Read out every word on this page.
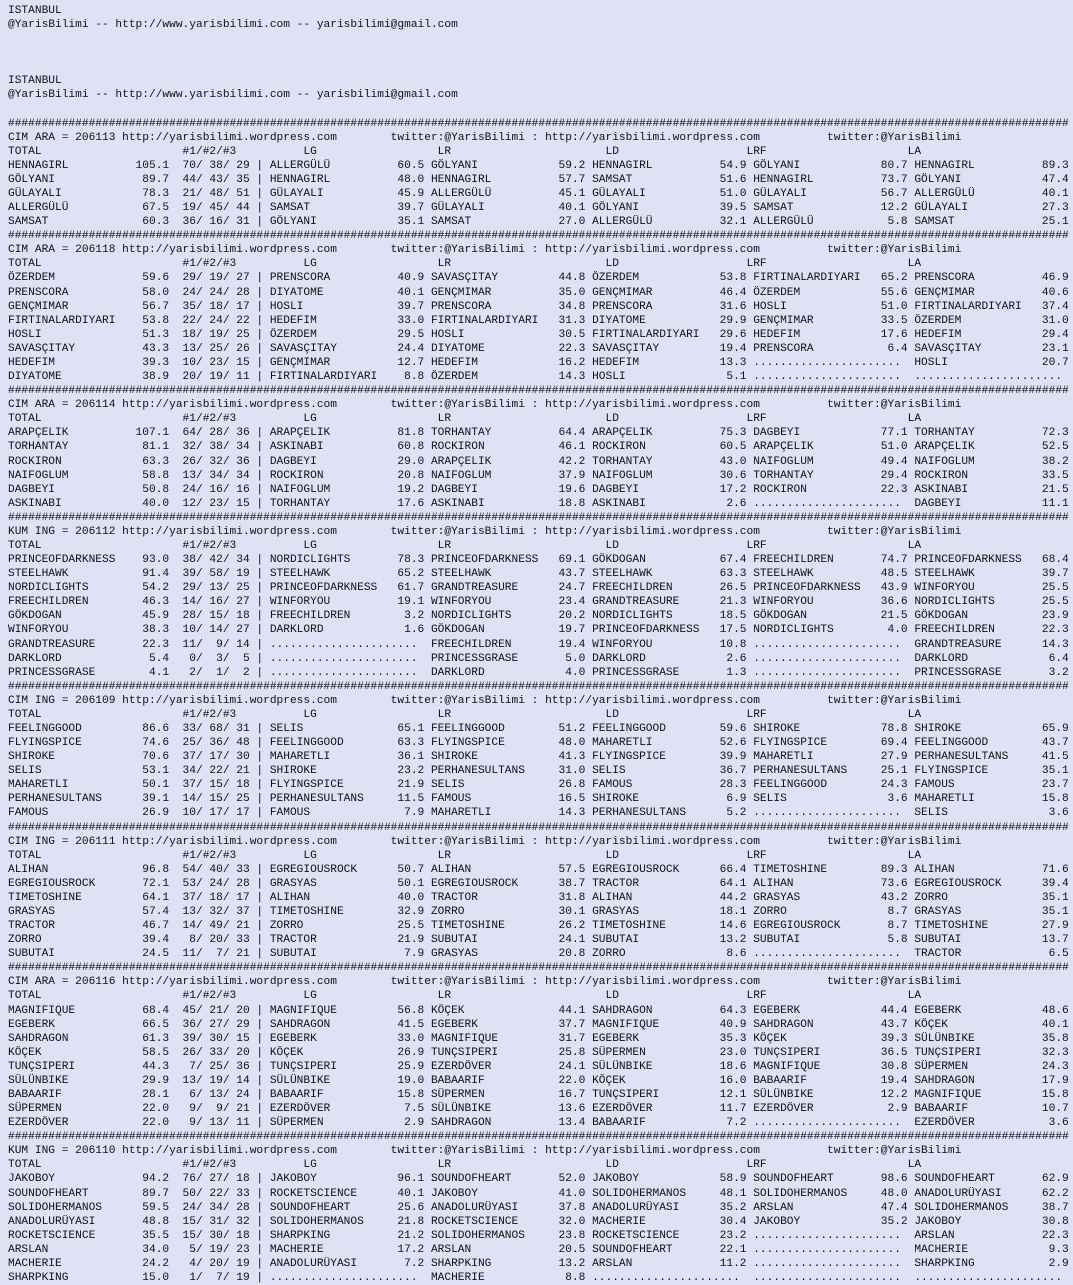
ISTANBUL
@YarisBilimi -- http://www.yarisbilimi.com -- yarisbilimi@gmail.com
ISTANBUL
@YarisBilimi -- http://www.yarisbilimi.com -- yarisbilimi@gmail.com
##############################################################################################################################################################
CIM ARA = 206113 http://yarisbilimi.wordpress.com        twitter:@YarisBilimi : http://yarisbilimi.wordpress.com          twitter:@YarisBilimi
TOTAL                     #1/#2/#3          LG                  LR                       LD                   LRF                     LA
HENNAGIRL          105.1  70/ 38/ 29 | ALLERGÜLÜ          60.5 GÖLYANI            59.2 HENNAGIRL          54.9 GÖLYANI            80.7 HENNAGIRL          89.3
GÖLYANI             89.7  44/ 43/ 35 | HENNAGIRL          48.0 HENNAGIRL          57.7 SAMSAT             51.6 HENNAGIRL          73.7 GÖLYANI            47.4
GÜLAYALI            78.3  21/ 48/ 51 | GÜLAYALI           45.9 ALLERGÜLÜ          45.1 GÜLAYALI           51.0 GÜLAYALI           56.7 ALLERGÜLÜ          40.1
ALLERGÜLÜ           67.5  19/ 45/ 44 | SAMSAT             39.7 GÜLAYALI           40.1 GÖLYANI            39.5 SAMSAT             12.2 GÜLAYALI           27.3
SAMSAT              60.3  36/ 16/ 31 | GÖLYANI            35.1 SAMSAT             27.0 ALLERGÜLÜ          32.1 ALLERGÜLÜ           5.8 SAMSAT             25.1
##############################################################################################################################################################
CIM ARA = 206118 http://yarisbilimi.wordpress.com        twitter:@YarisBilimi : http://yarisbilimi.wordpress.com          twitter:@YarisBilimi
TOTAL                     #1/#2/#3          LG                  LR                       LD                   LRF                     LA
ÖZERDEM             59.6  29/ 19/ 27 | PRENSCORA          40.9 SAVASÇITAY         44.8 ÖZERDEM            53.8 FIRTINALARDIYARI   65.2 PRENSCORA          46.9
PRENSCORA           58.0  24/ 24/ 28 | DIYATOME           40.1 GENÇMIMAR          35.0 GENÇMIMAR          46.4 ÖZERDEM            55.6 GENÇMIMAR          40.6
GENÇMIMAR           56.7  35/ 18/ 17 | HOSLI              39.7 PRENSCORA          34.8 PRENSCORA          31.6 HOSLI              51.0 FIRTINALARDIYARI   37.4
FIRTINALARDIYARI    53.8  22/ 24/ 22 | HEDEFIM            33.0 FIRTINALARDIYARI   31.3 DIYATOME           29.9 GENÇMIMAR          33.5 ÖZERDEM            31.0
HOSLI               51.3  18/ 19/ 25 | ÖZERDEM            29.5 HOSLI              30.5 FIRTINALARDIYARI   29.6 HEDEFIM            17.6 HEDEFIM            29.4
SAVASÇITAY          43.3  13/ 25/ 26 | SAVASÇITAY         24.4 DIYATOME           22.3 SAVASÇITAY         19.4 PRENSCORA           6.4 SAVASÇITAY         23.1
HEDEFIM             39.3  10/ 23/ 15 | GENÇMIMAR          12.7 HEDEFIM            16.2 HEDEFIM            13.3 ......................  HOSLI              20.7
DIYATOME            38.9  20/ 19/ 11 | FIRTINALARDIYARI    8.8 ÖZERDEM            14.3 HOSLI               5.1 ......................  ......................
##############################################################################################################################################################
CIM ARA = 206114 http://yarisbilimi.wordpress.com        twitter:@YarisBilimi : http://yarisbilimi.wordpress.com          twitter:@YarisBilimi
TOTAL                     #1/#2/#3          LG                  LR                       LD                   LRF                     LA
ARAPÇELIK          107.1  64/ 28/ 36 | ARAPÇELIK          81.8 TORHANTAY          64.4 ARAPÇELIK          75.3 DAGBEYI            77.1 TORHANTAY          72.3
TORHANTAY           81.1  32/ 38/ 34 | ASKINABI           60.8 ROCKIRON           46.1 ROCKIRON           60.5 ARAPÇELIK          51.0 ARAPÇELIK          52.5
ROCKIRON            63.3  26/ 32/ 36 | DAGBEYI            29.0 ARAPÇELIK          42.2 TORHANTAY          43.0 NAIFOGLUM          49.4 NAIFOGLUM          38.2
NAIFOGLUM           58.8  13/ 34/ 34 | ROCKIRON           20.8 NAIFOGLUM          37.9 NAIFOGLUM          30.6 TORHANTAY          29.4 ROCKIRON           33.5
DAGBEYI             50.8  24/ 16/ 16 | NAIFOGLUM          19.2 DAGBEYI            19.6 DAGBEYI            17.2 ROCKIRON           22.3 ASKINABI           21.5
ASKINABI            40.0  12/ 23/ 15 | TORHANTAY          17.6 ASKINABI           18.8 ASKINABI            2.6 ......................  DAGBEYI            11.1
##############################################################################################################################################################
KUM ING = 206112 http://yarisbilimi.wordpress.com        twitter:@YarisBilimi : http://yarisbilimi.wordpress.com          twitter:@YarisBilimi
TOTAL                     #1/#2/#3          LG                  LR                       LD                   LRF                     LA
PRINCEOFDARKNESS    93.0  38/ 42/ 34 | NORDICLIGHTS       78.3 PRINCEOFDARKNESS   69.1 GÖKDOGAN           67.4 FREECHILDREN       74.7 PRINCEOFDARKNESS   68.4
STEELHAWK           91.4  39/ 58/ 19 | STEELHAWK          65.2 STEELHAWK          43.7 STEELHAWK          63.3 STEELHAWK          48.5 STEELHAWK          39.7
NORDICLIGHTS        54.2  29/ 13/ 25 | PRINCEOFDARKNESS   61.7 GRANDTREASURE      24.7 FREECHILDREN       26.5 PRINCEOFDARKNESS   43.9 WINFORYOU          25.5
FREECHILDREN        46.3  14/ 16/ 27 | WINFORYOU          19.1 WINFORYOU          23.4 GRANDTREASURE      21.3 WINFORYOU          36.6 NORDICLIGHTS       25.5
GÖKDOGAN            45.9  28/ 15/ 18 | FREECHILDREN        3.2 NORDICLIGHTS       20.2 NORDICLIGHTS       18.5 GÖKDOGAN           21.5 GÖKDOGAN           23.9
WINFORYOU           38.3  10/ 14/ 27 | DARKLORD            1.6 GÖKDOGAN           19.7 PRINCEOFDARKNESS   17.5 NORDICLIGHTS        4.0 FREECHILDREN       22.3
GRANDTREASURE       22.3  11/  9/ 14 | ......................  FREECHILDREN       19.4 WINFORYOU          10.8 ......................  GRANDTREASURE      14.3
DARKLORD             5.4   0/  3/  5 | ......................  PRINCESSGRASE       5.0 DARKLORD            2.6 ......................  DARKLORD            6.4
PRINCESSGRASE        4.1   2/  1/  2 | ......................  DARKLORD            4.0 PRINCESSGRASE       1.3 ......................  PRINCESSGRASE       3.2
##############################################################################################################################################################
CIM ING = 206109 http://yarisbilimi.wordpress.com        twitter:@YarisBilimi : http://yarisbilimi.wordpress.com          twitter:@YarisBilimi
TOTAL                     #1/#2/#3          LG                  LR                       LD                   LRF                     LA
FEELINGGOOD         86.6  33/ 68/ 31 | SELIS              65.1 FEELINGGOOD        51.2 FEELINGGOOD        59.6 SHIROKE            78.8 SHIROKE            65.9
FLYINGSPICE         74.6  25/ 36/ 48 | FEELINGGOOD        63.3 FLYINGSPICE        48.0 MAHARETLI          52.6 FLYINGSPICE        69.4 FEELINGGOOD        43.7
SHIROKE             70.6  37/ 17/ 30 | MAHARETLI          36.1 SHIROKE            41.3 FLYINGSPICE        39.9 MAHARETLI          27.9 PERHANESULTANS     41.5
SELIS               53.1  34/ 22/ 21 | SHIROKE            23.2 PERHANESULTANS     31.0 SELIS              36.7 PERHANESULTANS     25.1 FLYINGSPICE        35.1
MAHARETLI           50.1  37/ 15/ 18 | FLYINGSPICE        21.9 SELIS              26.8 FAMOUS             28.3 FEELINGGOOD        24.3 FAMOUS             23.7
PERHANESULTANS      39.1  14/ 15/ 25 | PERHANESULTANS     11.5 FAMOUS             16.5 SHIROKE             6.9 SELIS               3.6 MAHARETLI          15.8
FAMOUS              26.9  10/ 17/ 17 | FAMOUS              7.9 MAHARETLI          14.3 PERHANESULTANS      5.2 ......................  SELIS               3.6
##############################################################################################################################################################
CIM ING = 206111 http://yarisbilimi.wordpress.com        twitter:@YarisBilimi : http://yarisbilimi.wordpress.com          twitter:@YarisBilimi
TOTAL                     #1/#2/#3          LG                  LR                       LD                   LRF                     LA
ALIHAN              96.8  54/ 40/ 33 | EGREGIOUSROCK      50.7 ALIHAN             57.5 EGREGIOUSROCK      66.4 TIMETOSHINE        89.3 ALIHAN             71.6
EGREGIOUSROCK       72.1  53/ 24/ 28 | GRASYAS            50.1 EGREGIOUSROCK      38.7 TRACTOR            64.1 ALIHAN             73.6 EGREGIOUSROCK      39.4
TIMETOSHINE         64.1  37/ 18/ 17 | ALIHAN             40.0 TRACTOR            31.8 ALIHAN             44.2 GRASYAS            43.2 ZORRO              35.1
GRASYAS             57.4  13/ 32/ 37 | TIMETOSHINE        32.9 ZORRO              30.1 GRASYAS            18.1 ZORRO               8.7 GRASYAS            35.1
TRACTOR             46.7  14/ 49/ 21 | ZORRO              25.5 TIMETOSHINE        26.2 TIMETOSHINE        14.6 EGREGIOUSROCK       8.7 TIMETOSHINE        27.9
ZORRO               39.4   8/ 20/ 33 | TRACTOR            21.9 SUBUTAI            24.1 SUBUTAI            13.2 SUBUTAI             5.8 SUBUTAI            13.7
SUBUTAI             24.5  11/  7/ 21 | SUBUTAI             7.9 GRASYAS            20.8 ZORRO               8.6 ......................  TRACTOR             6.5
##############################################################################################################################################################
CIM ARA = 206116 http://yarisbilimi.wordpress.com        twitter:@YarisBilimi : http://yarisbilimi.wordpress.com          twitter:@YarisBilimi
TOTAL                     #1/#2/#3          LG                  LR                       LD                   LRF                     LA
MAGNIFIQUE          68.4  45/ 21/ 20 | MAGNIFIQUE         56.8 KÖÇEK              44.1 SAHDRAGON          64.3 EGEBERK            44.4 EGEBERK            48.6
EGEBERK             66.5  36/ 27/ 29 | SAHDRAGON          41.5 EGEBERK            37.7 MAGNIFIQUE         40.9 SAHDRAGON          43.7 KÖÇEK              40.1
SAHDRAGON           61.3  39/ 30/ 15 | EGEBERK            33.0 MAGNIFIQUE         31.7 EGEBERK            35.3 KÖÇEK              39.3 SÜLÜNBIKE          35.8
KÖÇEK               58.5  26/ 33/ 20 | KÖÇEK              26.9 TUNÇSIPERI         25.8 SÜPERMEN           23.0 TUNÇSIPERI         36.5 TUNÇSIPERI         32.3
TUNÇSIPERI          44.3   7/ 25/ 36 | TUNÇSIPERI         25.9 EZERDÖVER          24.1 SÜLÜNBIKE          18.6 MAGNIFIQUE         30.8 SÜPERMEN           24.3
SÜLÜNBIKE           29.9  13/ 19/ 14 | SÜLÜNBIKE          19.0 BABAARIF           22.0 KÖÇEK              16.0 BABAARIF           19.4 SAHDRAGON          17.9
BABAARIF            28.1   6/ 13/ 24 | BABAARIF           15.8 SÜPERMEN           16.7 TUNÇSIPERI         12.1 SÜLÜNBIKE          12.2 MAGNIFIQUE         15.8
SÜPERMEN            22.0   9/  9/ 21 | EZERDÖVER           7.5 SÜLÜNBIKE          13.6 EZERDÖVER          11.7 EZERDÖVER           2.9 BABAARIF           10.7
EZERDÖVER           22.0   9/ 13/ 11 | SÜPERMEN            2.9 SAHDRAGON          13.4 BABAARIF            7.2 ......................  EZERDÖVER           3.6
##############################################################################################################################################################
KUM ING = 206110 http://yarisbilimi.wordpress.com        twitter:@YarisBilimi : http://yarisbilimi.wordpress.com          twitter:@YarisBilimi
TOTAL                     #1/#2/#3          LG                  LR                       LD                   LRF                     LA
JAKOBOY             94.2  76/ 27/ 18 | JAKOBOY            96.1 SOUNDOFHEART       52.0 JAKOBOY            58.9 SOUNDOFHEART       98.6 SOUNDOFHEART       62.9
SOUNDOFHEART        89.7  50/ 22/ 33 | ROCKETSCIENCE      40.1 JAKOBOY            41.0 SOLIDOHERMANOS     48.1 SOLIDOHERMANOS     48.0 ANADOLURÜYASI      62.2
SOLIDOHERMANOS      59.5  24/ 34/ 28 | SOUNDOFHEART       25.6 ANADOLURÜYASI      37.8 ANADOLURÜYASI      35.2 ARSLAN             47.4 SOLIDOHERMANOS     38.7
ANADOLURÜYASI       48.8  15/ 31/ 32 | SOLIDOHERMANOS     21.8 ROCKETSCIENCE      32.0 MACHERIE           30.4 JAKOBOY            35.2 JAKOBOY            30.8
ROCKETSCIENCE       35.5  15/ 30/ 18 | SHARPKING          21.2 SOLIDOHERMANOS     23.8 ROCKETSCIENCE      23.2 ......................  ARSLAN             22.3
ARSLAN              34.0   5/ 19/ 23 | MACHERIE           17.2 ARSLAN             20.5 SOUNDOFHEART       22.1 ......................  MACHERIE            9.3
MACHERIE            24.2   4/ 20/ 19 | ANADOLURÜYASI       7.2 SHARPKING          13.2 ARSLAN             11.2 ......................  SHARPKING           2.9
SHARPKING           15.0   1/  7/ 19 | ......................  MACHERIE            8.8 ......................  ......................  ......................
